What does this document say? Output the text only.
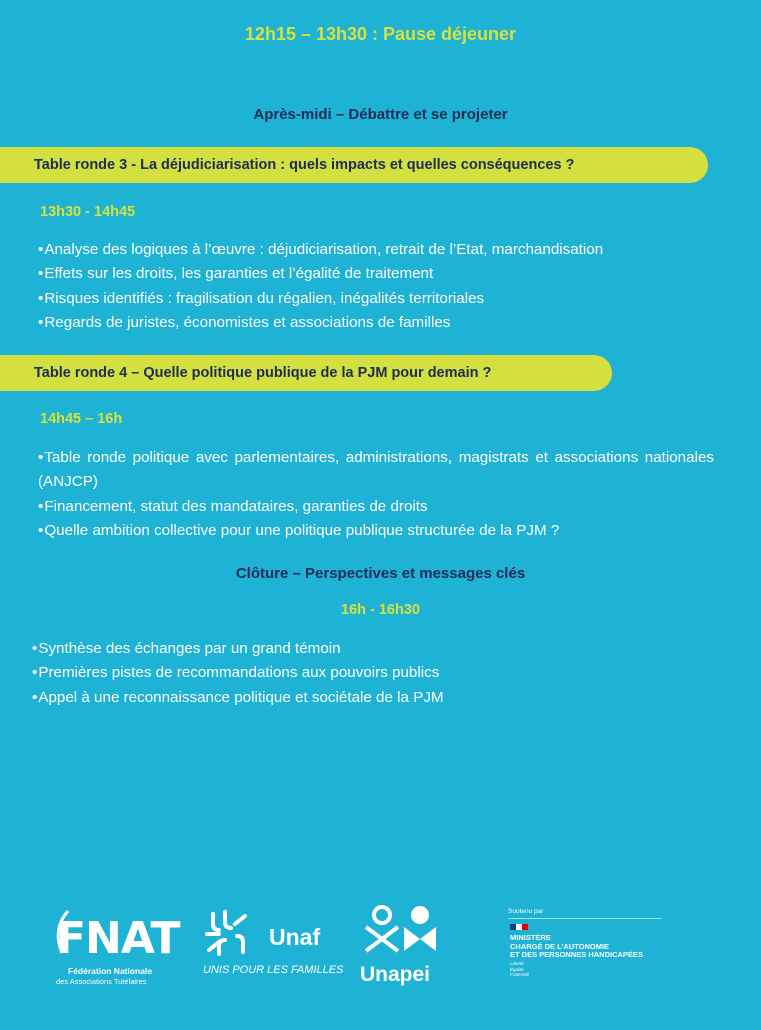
12h15 – 13h30 : Pause déjeuner
Après-midi – Débattre et se projeter
Table ronde 3 - La déjudiciarisation : quels impacts et quelles conséquences ?
13h30 - 14h45
•Analyse des logiques à l’œuvre : déjudiciarisation, retrait de l’Etat, marchandisation
•Effets sur les droits, les garanties et l’égalité de traitement
•Risques identifiés : fragilisation du régalien, inégalités territoriales
•Regards de juristes, économistes et associations de familles
Table ronde 4 – Quelle politique publique de la PJM pour demain ?
14h45 – 16h
•Table ronde politique avec parlementaires, administrations, magistrats et associations nationales (ANJCP)
•Financement, statut des mandataires, garanties de droits
•Quelle ambition collective pour une politique publique structurée de la PJM ?
Clôture – Perspectives et messages clés
16h - 16h30
•Synthèse des échanges par un grand témoin
•Premières pistes de recommandations aux pouvoirs publics
•Appel à une reconnaissance politique et sociétale de la PJM
FNAT
Fédération Nationale
des Associations Tutélaires
Unaf
UNIS POUR LES FAMILLES Unapei
Soutenu par
MINISTÈRE
CHARGÉ DE L’AUTONOMIE
ET DES PERSONNES HANDICAPÉES
Liberté
Égalité
Fraternité
